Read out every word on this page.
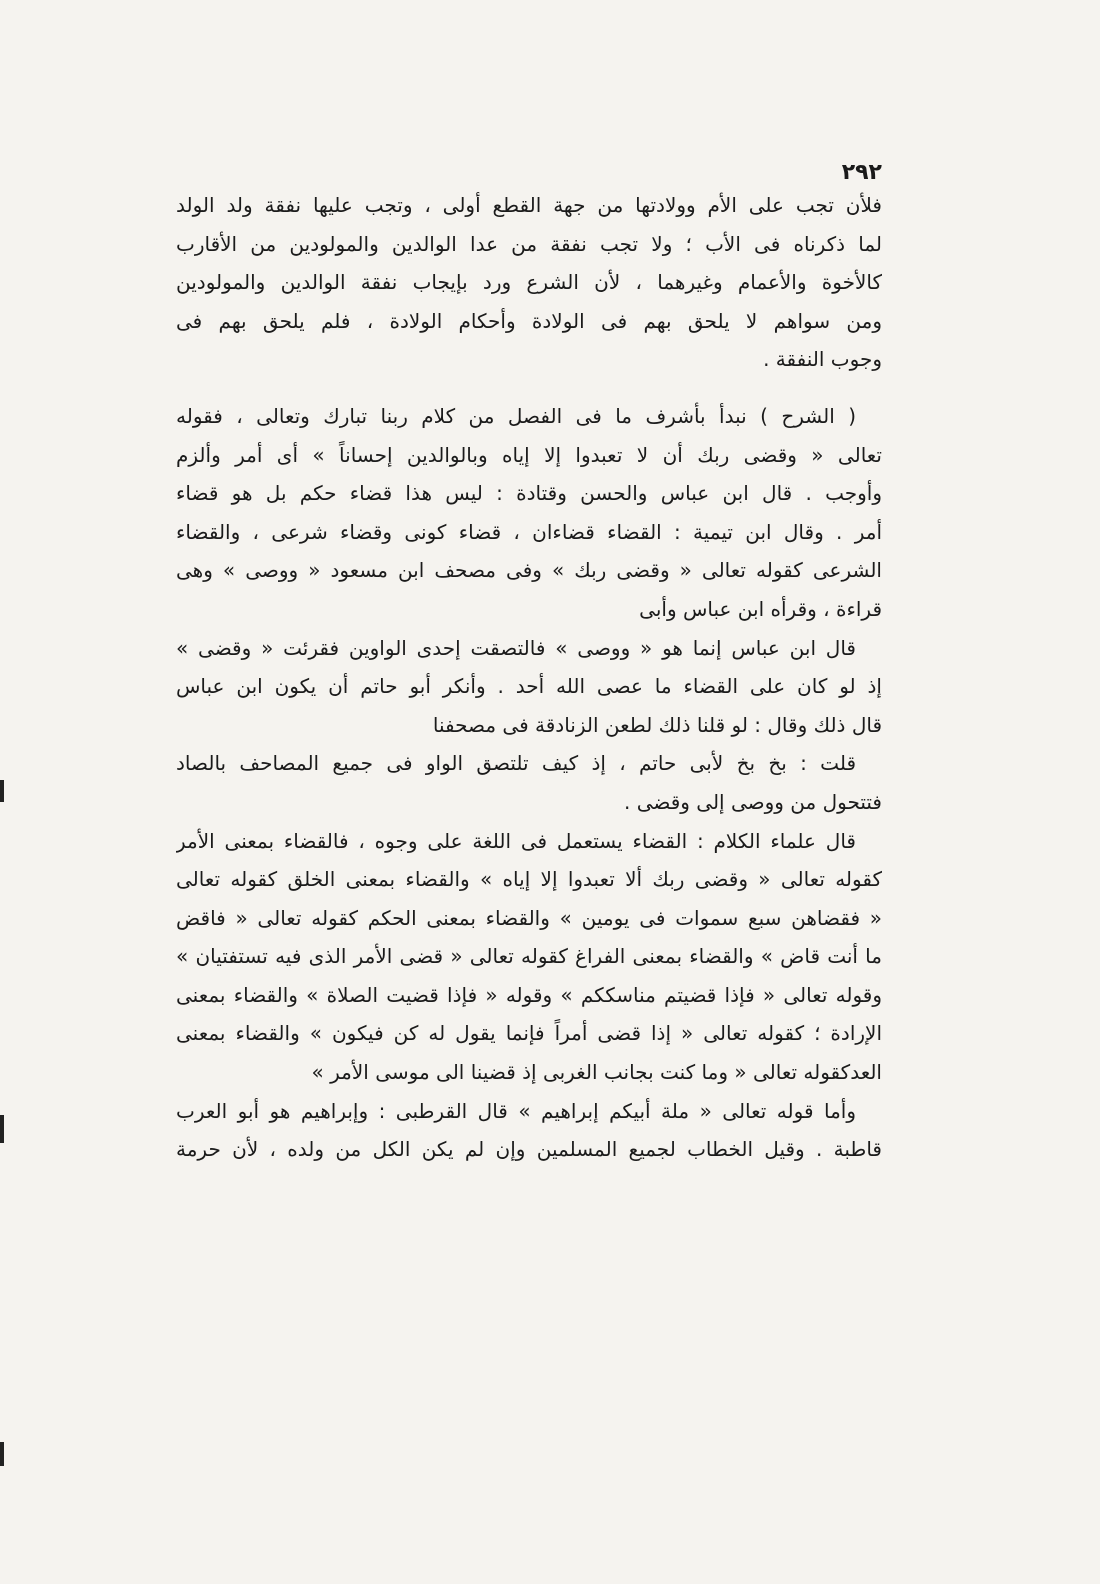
٢٩٢
فلأن تجب على الأم وولادتها من جهة القطع أولى ، وتجب عليها نفقة ولد الولد
لما ذكرناه فى الأب ؛ ولا تجب نفقة من عدا الوالدين والمولودين من الأقارب
كالأخوة والأعمام وغيرهما ، لأن الشرع ورد بإيجاب نفقة الوالدين والمولودين
ومن سواهم لا يلحق بهم فى الولادة وأحكام الولادة ، فلم يلحق بهم فى
وجوب النفقة .
( الشرح ) نبدأ بأشرف ما فى الفصل من كلام ربنا تبارك وتعالى ، فقوله
تعالى « وقضى ربك أن لا تعبدوا إلا إياه وبالوالدين إحساناً » أى أمر وألزم
وأوجب . قال ابن عباس والحسن وقتادة : ليس هذا قضاء حكم بل هو قضاء
أمر . وقال ابن تيمية : القضاء قضاءان ، قضاء كونى وقضاء شرعى ، والقضاء
الشرعى كقوله تعالى « وقضى ربك » وفى مصحف ابن مسعود « ووصى » وهى
قراءة ، وقرأه ابن عباس وأبى
قال ابن عباس إنما هو « ووصى » فالتصقت إحدى الواوين فقرئت « وقضى »
إذ لو كان على القضاء ما عصى الله أحد . وأنكر أبو حاتم أن يكون ابن عباس
قال ذلك وقال : لو قلنا ذلك لطعن الزنادقة فى مصحفنا
قلت : بخ بخ لأبى حاتم ، إذ كيف تلتصق الواو فى جميع المصاحف بالصاد
فتتحول من ووصى إلى وقضى .
قال علماء الكلام : القضاء يستعمل فى اللغة على وجوه ، فالقضاء بمعنى الأمر
كقوله تعالى « وقضى ربك ألا تعبدوا إلا إياه » والقضاء بمعنى الخلق كقوله تعالى
« فقضاهن سبع سموات فى يومين » والقضاء بمعنى الحكم كقوله تعالى « فاقض
ما أنت قاض » والقضاء بمعنى الفراغ كقوله تعالى « قضى الأمر الذى فيه تستفتيان »
وقوله تعالى « فإذا قضيتم مناسككم » وقوله « فإذا قضيت الصلاة » والقضاء بمعنى
الإرادة ؛ كقوله تعالى « إذا قضى أمراً فإنما يقول له كن فيكون » والقضاء بمعنى
العدكقوله تعالى « وما كنت بجانب الغربى إذ قضينا الى موسى الأمر »
وأما قوله تعالى « ملة أبيكم إبراهيم » قال القرطبى : وإبراهيم هو أبو العرب
قاطبة . وقيل الخطاب لجميع المسلمين وإن لم يكن الكل من ولده ، لأن حرمة
